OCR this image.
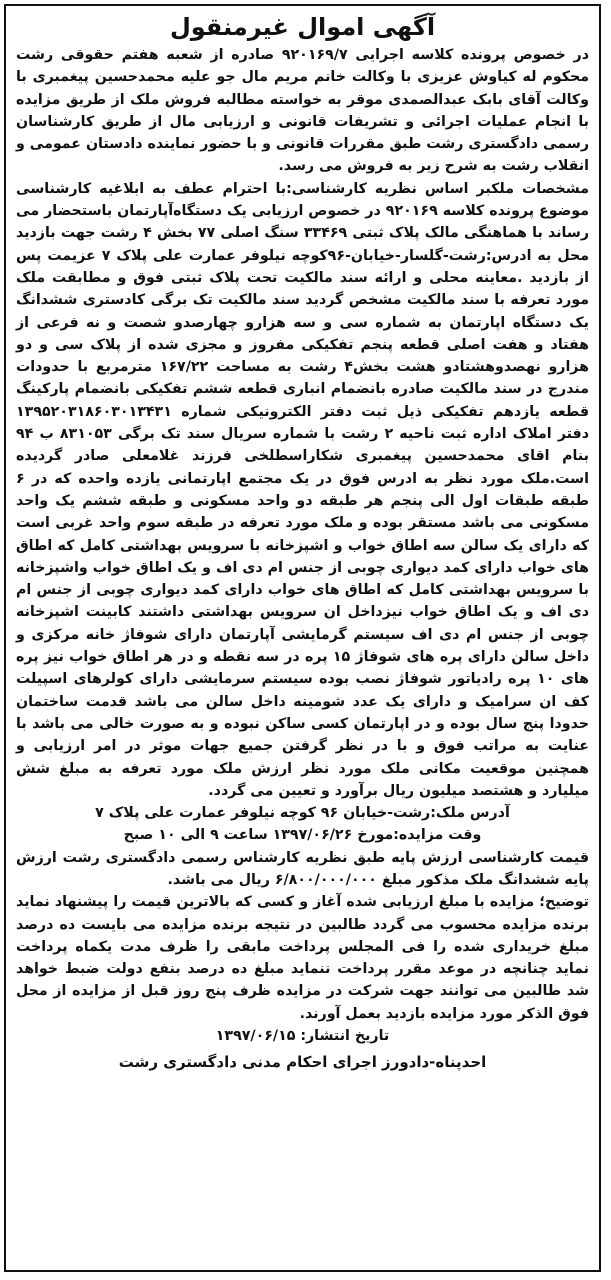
آگهی اموال غیرمنقول

در خصوص پرونده کلاسه اجرایی ۹۲۰۱۶۹/۷ صادره از شعبه هفتم حقوقی رشت محکوم له کیاوش عزیزی با وکالت خانم مریم مال جو علیه محمدحسین پیغمبری با وکالت آقای بابک عبدالصمدی موقر به خواسته مطالبه فروش ملک از طریق مزایده با انجام عملیات اجرائی و تشریفات قانونی و ارزیابی مال از طریق کارشناسان رسمی دادگستری رشت طبق مقررات قانونی و با حضور نماینده دادستان عمومی و انقلاب رشت به شرح زیر به فروش می رسد.

مشخصات ملکبر اساس نظریه کارشناسی:با احترام عطف به ابلاغیه کارشناسی موضوع پرونده کلاسه ۹۲۰۱۶۹ در خصوص ارزیابی یک دستگاه‌آپارتمان باستحضار می رساند با هماهنگی مالک پلاک ثبتی ۳۳۴۶۹ سنگ اصلی ۷۷ بخش ۴ رشت جهت بازدید محل به ادرس:رشت-گلسار-خیابان-۹۶کوچه نیلوفر عمارت علی پلاک ۷ عزیمت پس از بازدید .معاینه محلی و ارائه سند مالکیت تحت پلاک ثبتی فوق و مطابقت ملک مورد تعرفه با سند مالکیت مشخص گردید سند مالکیت تک برگی کادستری ششدانگ یک دستگاه اپارتمان به شماره سی و سه هزارو چهارصدو شصت و نه فرعی از هفتاد و هفت اصلی قطعه پنجم تفکیکی مفروز و مجزی شده از پلاک سی و دو هزارو نهصدوهشتادو هشت بخش۴ رشت به مساحت ۱۶۷/۲۲ مترمربع با حدودات مندرج در سند مالکیت صادره بانضمام انباری قطعه ششم تفکیکی بانضمام پارکینگ قطعه یازدهم تفکیکی ذیل ثبت دفتر الکترونیکی شماره ۱۳۹۵۲۰۳۱۸۶۰۳۰۱۳۴۳۱ دفتر املاک اداره ثبت ناحیه ۲ رشت با شماره سریال سند تک برگی ۸۳۱۰۵۳ ب ۹۴ بنام اقای محمدحسین پیغمبری شکاراسطلخی فرزند غلامعلی صادر گردیده است.ملک مورد نظر به ادرس فوق در یک مجتمع اپارتمانی یازده واحده که در ۶ طبقه طبقات اول الی پنجم هر طبقه دو واحد مسکونی و طبقه ششم یک واحد مسکونی می باشد مستقر بوده و ملک مورد تعرفه در طبقه سوم واحد غربی است که دارای یک سالن سه اطاق خواب و اشپزخانه با سرویس بهداشتی کامل که اطاق های خواب دارای کمد دیواری چوبی از جنس ام دی اف و یک اطاق خواب واشپزخانه با سرویس بهداشتی کامل که اطاق های خواب دارای کمد دیواری چوبی از جنس ام دی اف و یک اطاق خواب نیزداخل ان سرویس بهداشتی داشتند کابینت اشپزخانه چوبی از جنس ام دی اف سیستم گرمایشی آپارتمان دارای شوفاژ خانه مرکزی و داخل سالن دارای پره های شوفاژ ۱۵ پره در سه نقطه و در هر اطاق خواب نیز پره های ۱۰ پره رادیاتور شوفاژ نصب بوده سیستم سرمایشی دارای کولرهای اسپیلت کف ان سرامیک و دارای یک عدد شومینه داخل سالن می باشد قدمت ساختمان حدودا پنج سال بوده و در اپارتمان کسی ساکن نبوده و به صورت خالی می باشد با عنایت به مراتب فوق و با در نظر گرفتن جمیع جهات موثر در امر ارزیابی و همچنین موقعیت مکانی ملک مورد نظر ارزش ملک مورد تعرفه به مبلغ شش میلیارد و هشتصد میلیون ریال برآورد و تعیین می گردد.

آدرس ملک:رشت-خیابان ۹۶ کوچه نیلوفر عمارت علی پلاک ۷

وقت مزایده:مورخ ۱۳۹۷/۰۶/۲۶ ساعت ۹ الی ۱۰ صبح

قیمت کارشناسی ارزش پایه طبق نظریه کارشناس رسمی دادگستری رشت ارزش پایه ششدانگ ملک مذکور مبلغ ۶/۸۰۰/۰۰۰/۰۰۰ ریال می باشد.

توضیح؛ مزایده با مبلغ ارزیابی شده آغاز و کسی که بالاترین قیمت را پیشنهاد نماید برنده مزایده محسوب می گردد طالبین در نتیجه برنده مزایده می بایست ده درصد مبلغ خریداری شده را فی المجلس پرداخت مابقی را ظرف مدت یکماه پرداخت نماید چنانچه در موعد مقرر پرداخت ننماید مبلغ ده درصد بنفع دولت ضبط خواهد شد طالبین می توانند جهت شرکت در مزایده ظرف پنج روز قبل از مزایده از محل فوق الذکر مورد مزایده بازدید بعمل آورند.

تاریخ انتشار: ۱۳۹۷/۰۶/۱۵

احدپناه-دادورز اجرای احکام مدنی دادگستری رشت
